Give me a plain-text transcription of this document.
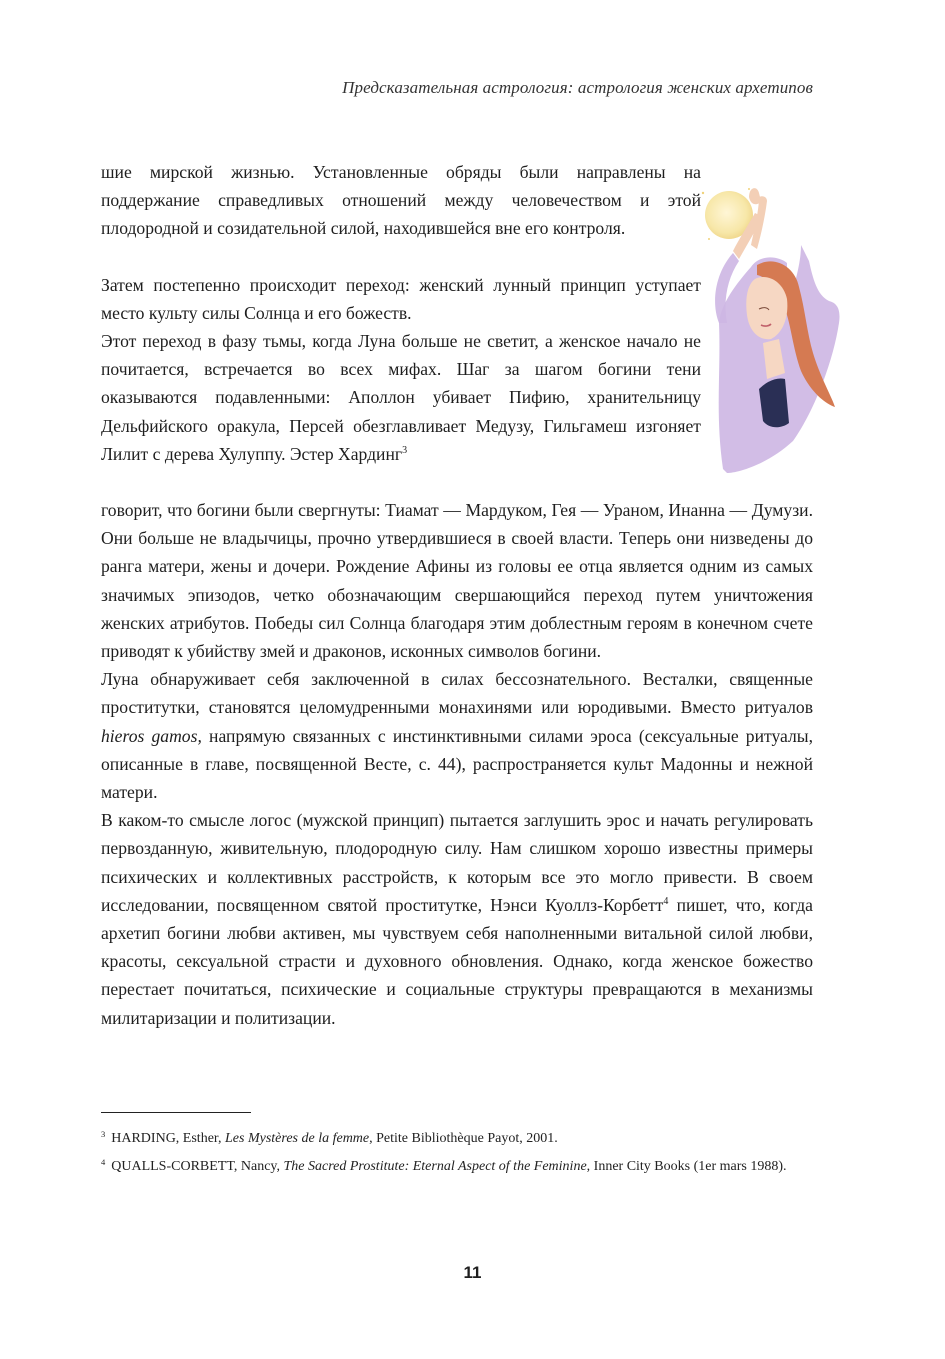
Предсказательная астрология: астрология женских архетипов

шие мирской жизнью. Установленные обряды были направлены на поддержание справедливых отношений между человечеством и этой плодородной и созидательной силой, находившейся вне его контроля.

Затем постепенно происходит переход: женский лунный принцип уступает место культу силы Солнца и его божеств.

Этот переход в фазу тьмы, когда Луна больше не светит, а женское начало не почитается, встречается во всех мифах. Шаг за шагом богини тени оказываются подавленными: Аполлон убивает Пифию, хранительницу Дельфийского оракула, Персей обезглавливает Медузу, Гильгамеш изгоняет Лилит с дерева Хулуппу. Эстер Хардинг$^3$

говорит, что богини были свергнуты: Тиамат — Мардуком, Гея — Ураном, Инанна — Думузи. Они больше не владычицы, прочно утвердившиеся в своей власти. Теперь они низведены до ранга матери, жены и дочери. Рождение Афины из головы ее отца является одним из самых значимых эпизодов, четко обозначающим свершающийся переход путем уничтожения женских атрибутов. Победы сил Солнца благодаря этим доблестным героям в конечном счете приводят к убийству змей и драконов, исконных символов богини.

Луна обнаруживает себя заключенной в силах бессознательного. Весталки, священные проститутки, становятся целомудренными монахинями или юродивыми. Вместо ритуалов hieros gamos, напрямую связанных с инстинктивными силами эроса (сексуальные ритуалы, описанные в главе, посвященной Весте, с. 44), распространяется культ Мадонны и нежной матери.

В каком-то смысле логос (мужской принцип) пытается заглушить эрос и начать регулировать первозданную, живительную, плодородную силу. Нам слишком хорошо известны примеры психических и коллективных расстройств, к которым все это могло привести. В своем исследовании, посвященном святой проститутке, Нэнси Куоллз-Корбетт$^4$ пишет, что, когда архетип богини любви активен, мы чувствуем себя наполненными витальной силой любви, красоты, сексуальной страсти и духовного обновления. Однако, когда женское божество перестает почитаться, психические и социальные структуры превращаются в механизмы милитаризации и политизации.

$^3$ HARDING, Esther, Les Mystères de la femme, Petite Bibliothèque Payot, 2001.

$^4$ QUALLS-CORBETT, Nancy, The Sacred Prostitute: Eternal Aspect of the Feminine, Inner City Books (1er mars 1988).

11
